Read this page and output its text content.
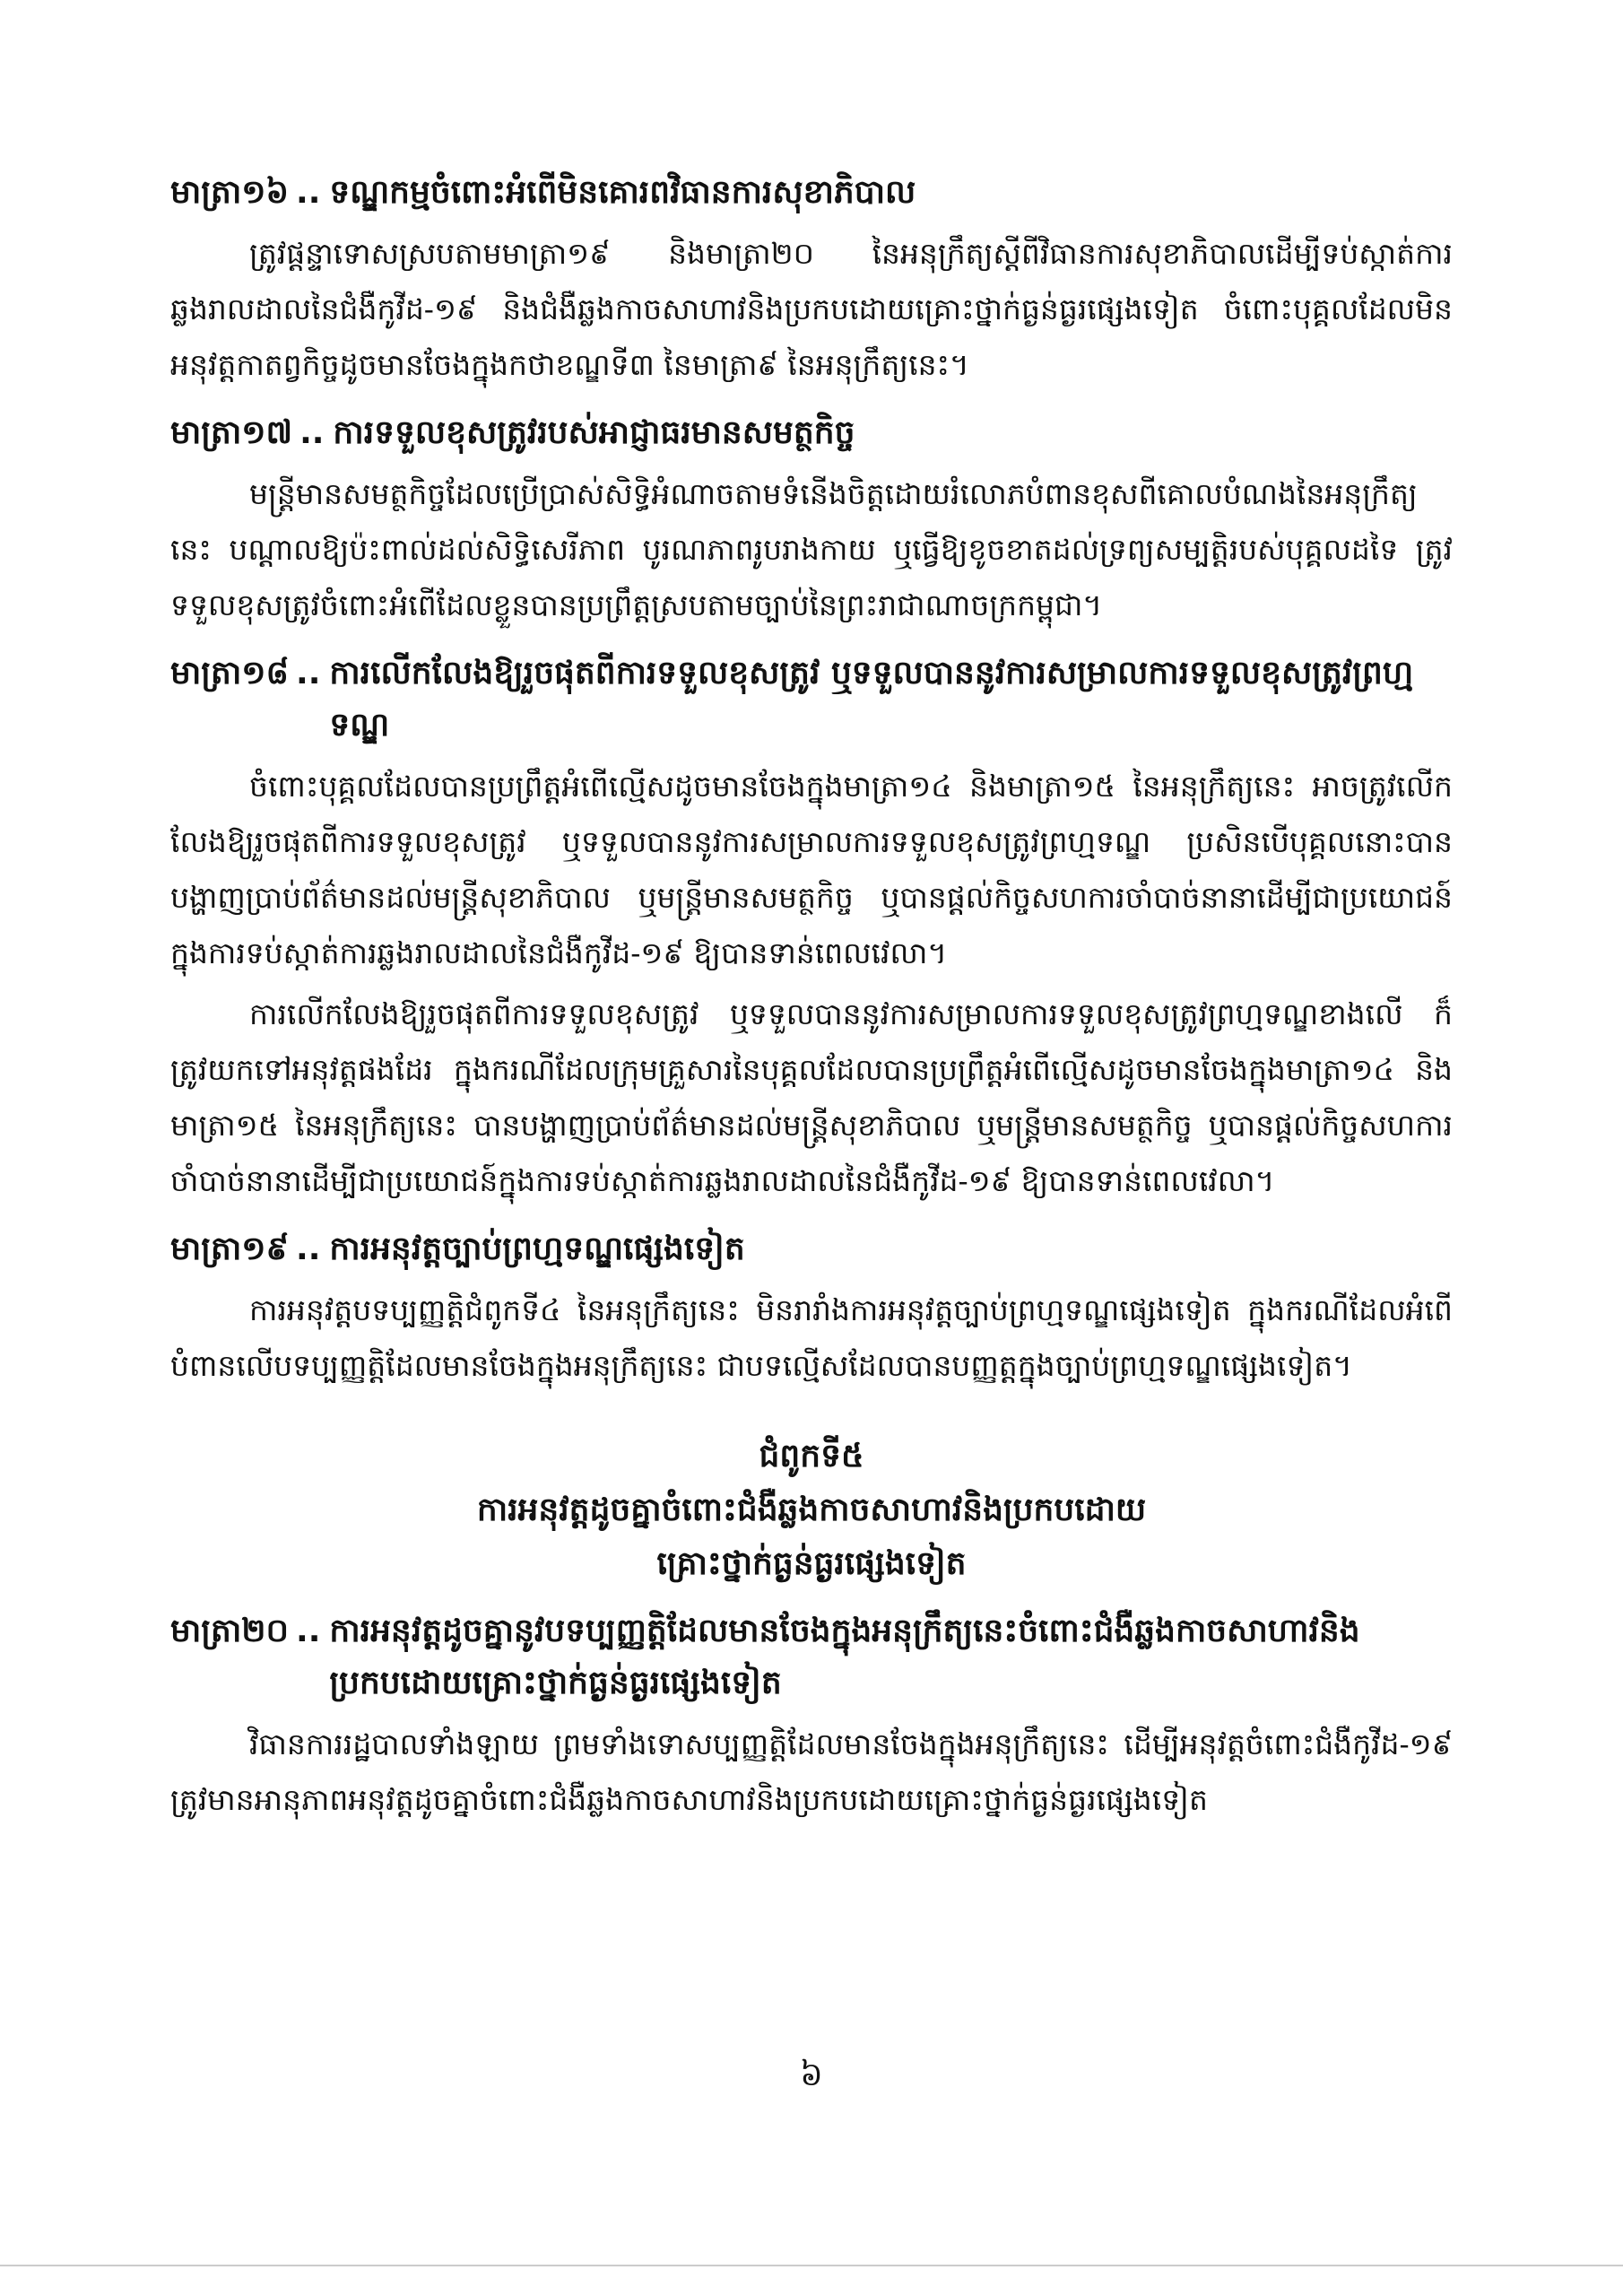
មាត្រា១៦ .. ទណ្ឌកម្មចំពោះអំពើមិនគោរពវិធានការសុខាភិបាល

ត្រូវផ្តន្ទាទោសស្របតាមមាត្រា១៩ និងមាត្រា២០ នៃអនុក្រឹត្យស្តីពីវិធានការសុខាភិបាលដើម្បីទប់ស្កាត់ការឆ្លងរាលដាលនៃជំងឺកូវីដ-១៩ និងជំងឺឆ្លងកាចសាហាវនិងប្រកបដោយគ្រោះថ្នាក់ធ្ងន់ធ្ងរផ្សេងទៀត ចំពោះបុគ្គលដែលមិនអនុវត្តកាតព្វកិច្ចដូចមានចែងក្នុងកថាខណ្ឌទី៣ នៃមាត្រា៩ នៃអនុក្រឹត្យនេះ។

មាត្រា១៧ .. ការទទួលខុសត្រូវរបស់អាជ្ញាធរមានសមត្ថកិច្ច

មន្ត្រីមានសមត្ថកិច្ចដែលប្រើប្រាស់សិទ្ធិអំណាចតាមទំនើងចិត្តដោយរំលោភបំពានខុសពីគោលបំណងនៃអនុក្រឹត្យនេះ បណ្តាលឱ្យប៉ះពាល់ដល់សិទ្ធិសេរីភាព បូរណភាពរូបរាងកាយ ឬធ្វើឱ្យខូចខាតដល់ទ្រព្យសម្បត្តិរបស់បុគ្គលដទៃ ត្រូវទទួលខុសត្រូវចំពោះអំពើដែលខ្លួនបានប្រព្រឹត្តស្របតាមច្បាប់នៃព្រះរាជាណាចក្រកម្ពុជា។

មាត្រា១៨ .. ការលើកលែងឱ្យរួចផុតពីការទទួលខុសត្រូវ ឬទទួលបាននូវការសម្រាលការទទួលខុសត្រូវព្រហ្មទណ្ឌ

ចំពោះបុគ្គលដែលបានប្រព្រឹត្តអំពើល្មើសដូចមានចែងក្នុងមាត្រា១៤ និងមាត្រា១៥ នៃអនុក្រឹត្យនេះ អាចត្រូវលើកលែងឱ្យរួចផុតពីការទទួលខុសត្រូវ ឬទទួលបាននូវការសម្រាលការទទួលខុសត្រូវព្រហ្មទណ្ឌ ប្រសិនបើបុគ្គលនោះបានបង្ហាញប្រាប់ព័ត៌មានដល់មន្ត្រីសុខាភិបាល ឬមន្ត្រីមានសមត្ថកិច្ច ឬបានផ្តល់កិច្ចសហការចាំបាច់នានាដើម្បីជាប្រយោជន៍ក្នុងការទប់ស្កាត់ការឆ្លងរាលដាលនៃជំងឺកូវីដ-១៩ ឱ្យបានទាន់ពេលវេលា។

ការលើកលែងឱ្យរួចផុតពីការទទួលខុសត្រូវ ឬទទួលបាននូវការសម្រាលការទទួលខុសត្រូវព្រហ្មទណ្ឌខាងលើ ក៏ត្រូវយកទៅអនុវត្តផងដែរ ក្នុងករណីដែលក្រុមគ្រួសារនៃបុគ្គលដែលបានប្រព្រឹត្តអំពើល្មើសដូចមានចែងក្នុងមាត្រា១៤ និងមាត្រា១៥ នៃអនុក្រឹត្យនេះ បានបង្ហាញប្រាប់ព័ត៌មានដល់មន្ត្រីសុខាភិបាល ឬមន្ត្រីមានសមត្ថកិច្ច ឬបានផ្តល់កិច្ចសហការចាំបាច់នានាដើម្បីជាប្រយោជន៍ក្នុងការទប់ស្កាត់ការឆ្លងរាលដាលនៃជំងឺកូវីដ-១៩ ឱ្យបានទាន់ពេលវេលា។

មាត្រា១៩ .. ការអនុវត្តច្បាប់ព្រហ្មទណ្ឌផ្សេងទៀត

ការអនុវត្តបទប្បញ្ញត្តិជំពូកទី៤ នៃអនុក្រឹត្យនេះ មិនរារាំងការអនុវត្តច្បាប់ព្រហ្មទណ្ឌផ្សេងទៀត ក្នុងករណីដែលអំពើបំពានលើបទប្បញ្ញត្តិដែលមានចែងក្នុងអនុក្រឹត្យនេះ ជាបទល្មើសដែលបានបញ្ញត្តក្នុងច្បាប់ព្រហ្មទណ្ឌផ្សេងទៀត។

ជំពូកទី៥
ការអនុវត្តដូចគ្នាចំពោះជំងឺឆ្លងកាចសាហាវនិងប្រកបដោយ
គ្រោះថ្នាក់ធ្ងន់ធ្ងរផ្សេងទៀត
មាត្រា២០ .. ការអនុវត្តដូចគ្នានូវបទប្បញ្ញត្តិដែលមានចែងក្នុងអនុក្រឹត្យនេះចំពោះជំងឺឆ្លងកាចសាហាវនិងប្រកបដោយគ្រោះថ្នាក់ធ្ងន់ធ្ងរផ្សេងទៀត

វិធានការរដ្ឋបាលទាំងឡាយ ព្រមទាំងទោសប្បញ្ញត្តិដែលមានចែងក្នុងអនុក្រឹត្យនេះ ដើម្បីអនុវត្តចំពោះជំងឺកូវីដ-១៩ ត្រូវមានអានុភាពអនុវត្តដូចគ្នាចំពោះជំងឺឆ្លងកាចសាហាវនិងប្រកបដោយគ្រោះថ្នាក់ធ្ងន់ធ្ងរផ្សេងទៀត

៦
